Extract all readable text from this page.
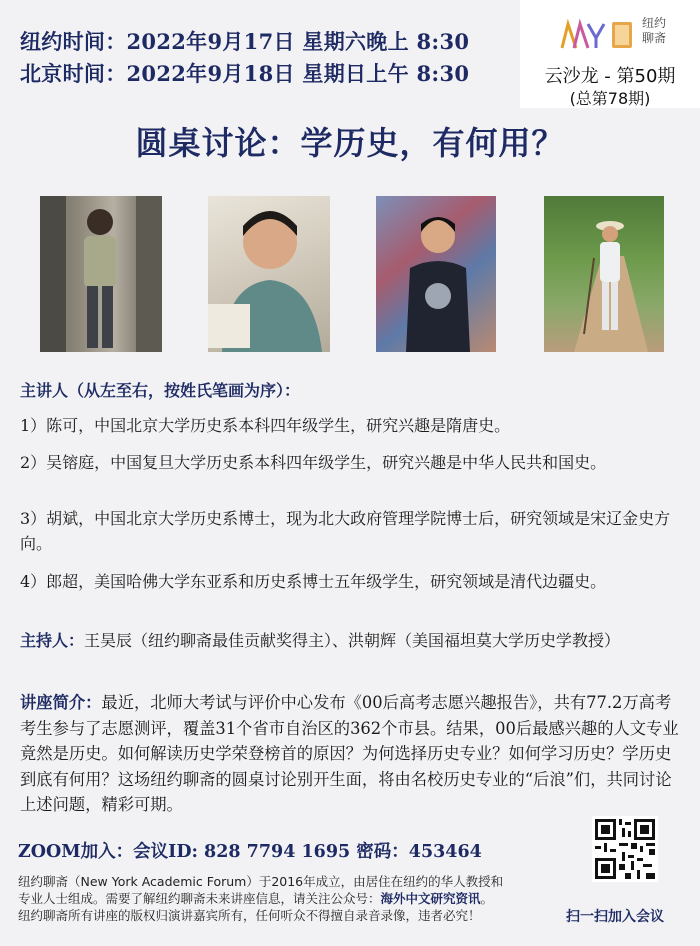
纽约时间：2022年9月17日 星期六晚上 8:30
北京时间：2022年9月18日 星期日上午 8:30
纽约
聊斋
云沙龙 - 第50期
(总第78期)
圆桌讨论：学历史，有何用？
主讲人（从左至右，按姓氏笔画为序）：
1）陈可，中国北京大学历史系本科四年级学生，研究兴趣是隋唐史。
2）吴镕庭，中国复旦大学历史系本科四年级学生，研究兴趣是中华人民共和国史。
3）胡斌，中国北京大学历史系博士，现为北大政府管理学院博士后，研究领域是宋辽金史方向。
4）郎超，美国哈佛大学东亚系和历史系博士五年级学生，研究领域是清代边疆史。
主持人：王昊辰（纽约聊斋最佳贡献奖得主）、洪朝辉（美国福坦莫大学历史学教授）
讲座简介：最近，北师大考试与评价中心发布《00后高考志愿兴趣报告》，共有77.2万高考考生参与了志愿测评，覆盖31个省市自治区的362个市县。结果，00后最感兴趣的人文专业竟然是历史。如何解读历史学荣登榜首的原因？为何选择历史专业？如何学习历史？学历史到底有何用？这场纽约聊斋的圆桌讨论别开生面，将由名校历史专业的“后浪”们，共同讨论上述问题，精彩可期。
ZOOM加入：会议ID: 828 7794 1695 密码：453464
纽约聊斋（New York Academic Forum）于2016年成立，由居住在纽约的华人教授和
专业人士组成。需要了解纽约聊斋未来讲座信息，请关注公众号：海外中文研究资讯。
纽约聊斋所有讲座的版权归演讲嘉宾所有，任何听众不得擅自录音录像，违者必究！	扫一扫加入会议
